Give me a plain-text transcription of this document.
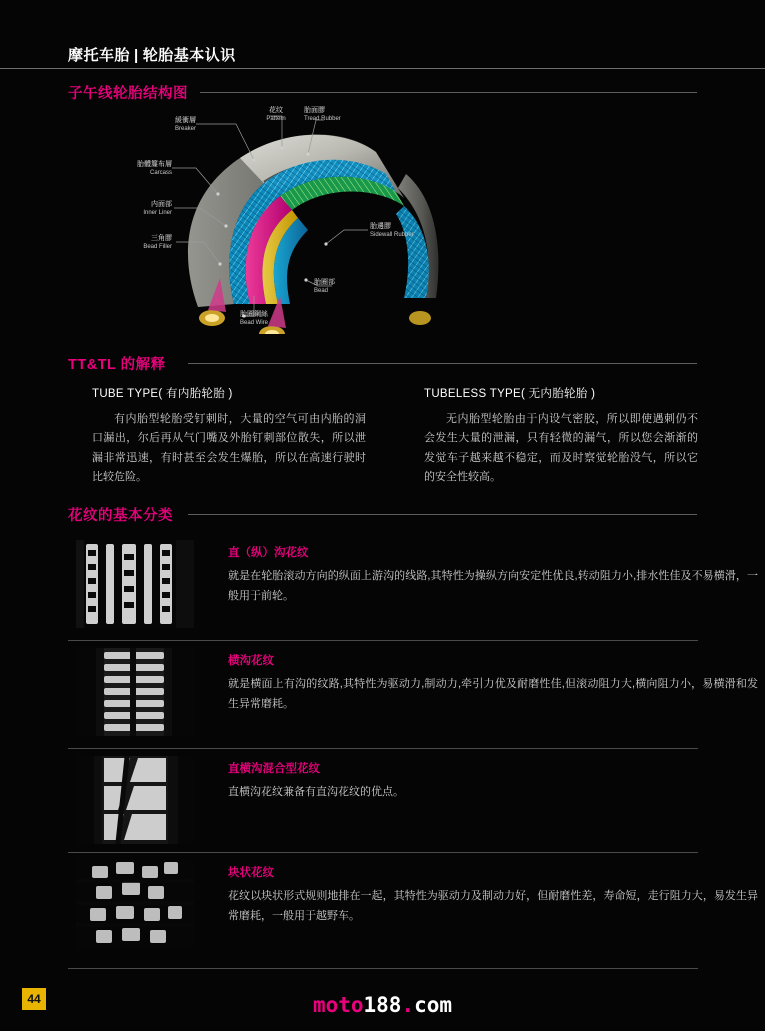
摩托车胎 | 轮胎基本认识
子午线轮胎结构图
緩衝層
Breaker
花纹
Pattern
胎面膠
Tread Rubber
胎體簾布層
Carcass
内面部
Inner Liner
三角膠
Bead Filler
胎邊膠
Sidewall Rubber
胎圈部
Bead
胎圈鋼絲
Bead Wire
TT&TL 的解释
TUBE TYPE( 有内胎轮胎 )

有内胎型轮胎受钉刺时，大量的空气可由内胎的洞口漏出，尔后再从气门嘴及外胎钉刺部位散失，所以泄漏非常迅速，有时甚至会发生爆胎，所以在高速行驶时比较危险。

TUBELESS TYPE( 无内胎轮胎 )

无内胎型轮胎由于内设气密胶，所以即使遇刺仍不会发生大量的泄漏，只有轻微的漏气，所以您会渐渐的发觉车子越来越不稳定，而及时察觉轮胎没气，所以它的安全性较高。

花纹的基本分类
直（纵）沟花纹
就是在轮胎滚动方向的纵面上游沟的线路,其特性为操纵方向安定性优良,转动阻力小,排水性佳及不易横滑，一般用于前轮。
横沟花纹
就是横面上有沟的纹路,其特性为驱动力,制动力,牵引力优及耐磨性佳,但滚动阻力大,横向阻力小，易横滑和发生异常磨耗。
直横沟混合型花纹
直横沟花纹兼备有直沟花纹的优点。
块状花纹
花纹以块状形式规则地排在一起，其特性为驱动力及制动力好，但耐磨性差，寿命短，走行阻力大，易发生异常磨耗，一般用于越野车。
44	moto188.com
